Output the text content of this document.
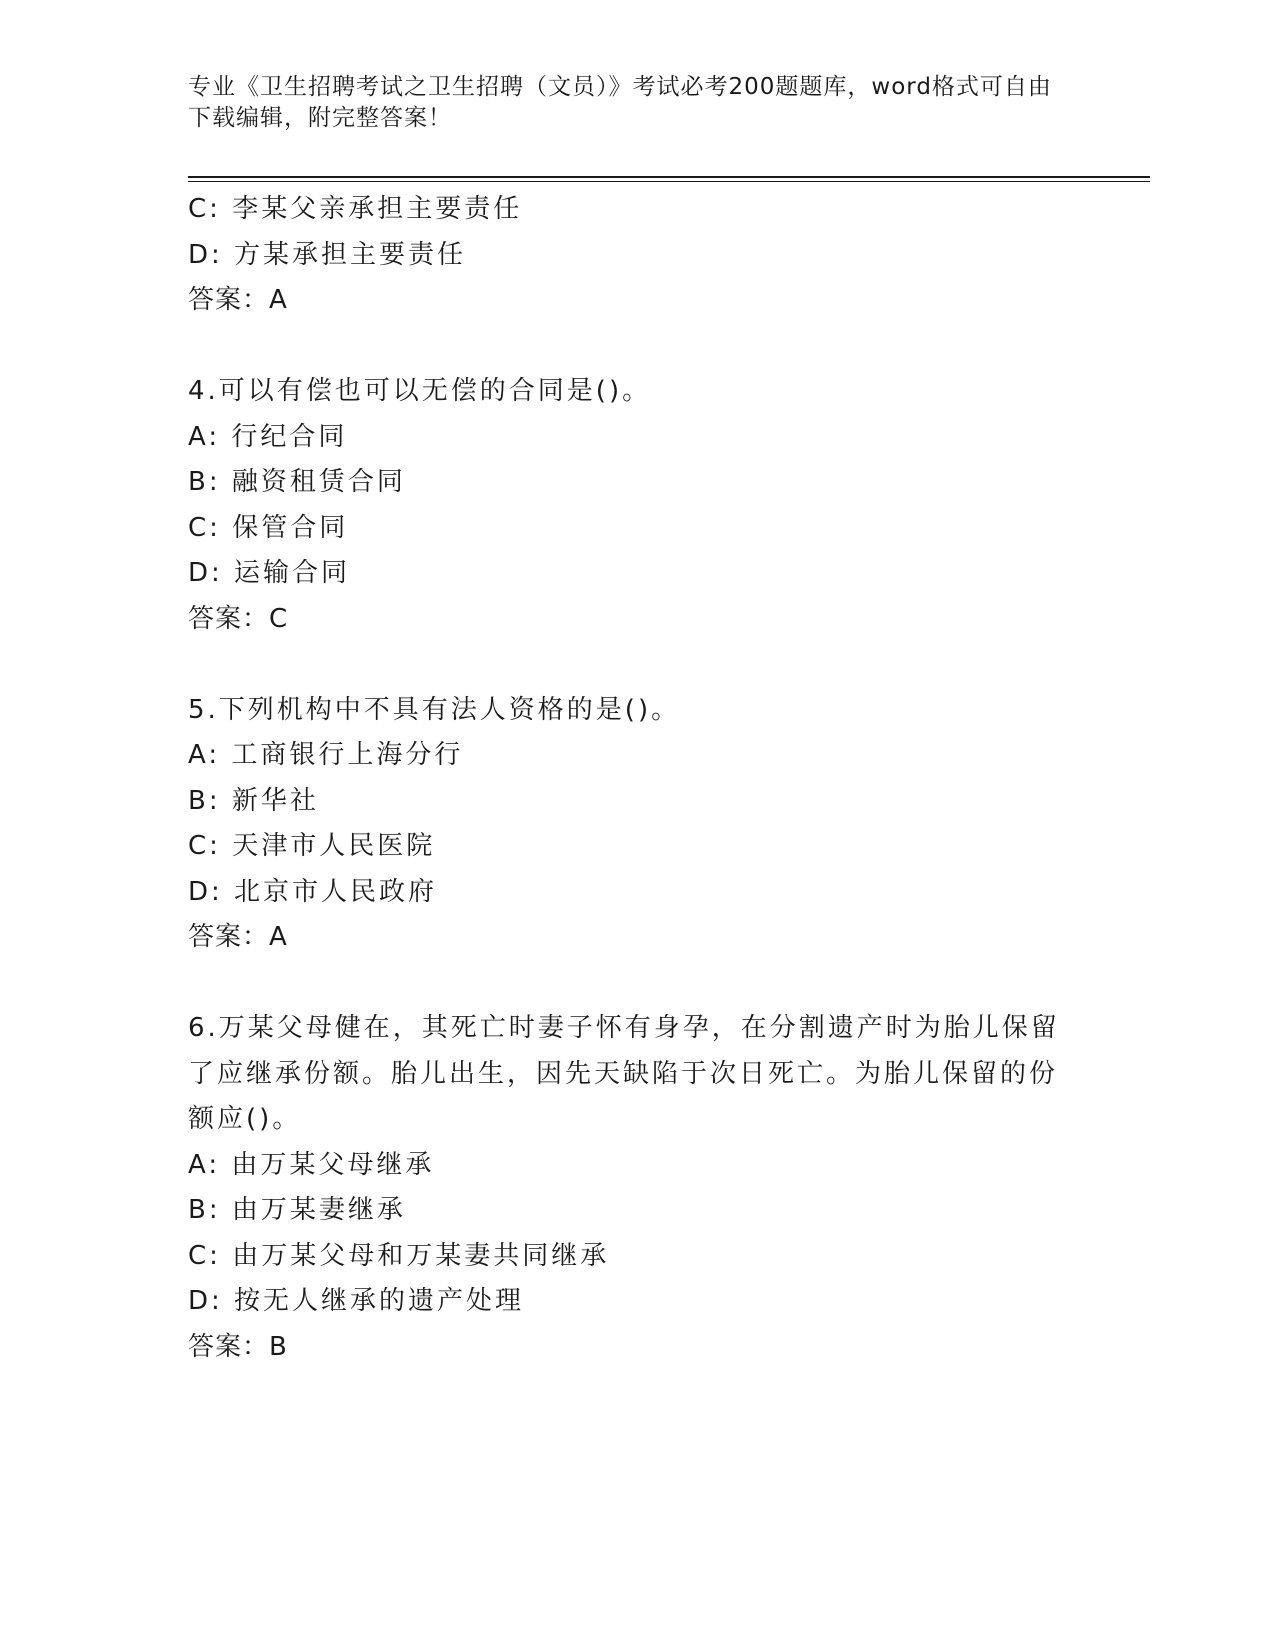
专业《卫生招聘考试之卫生招聘（文员）》考试必考200题题库，word格式可自由下载编辑，附完整答案！

C: 李某父亲承担主要责任

D: 方某承担主要责任

答案：A

4.可以有偿也可以无偿的合同是()。

A: 行纪合同

B: 融资租赁合同

C: 保管合同

D: 运输合同

答案：C

5.下列机构中不具有法人资格的是()。

A: 工商银行上海分行

B: 新华社

C: 天津市人民医院

D: 北京市人民政府

答案：A

6.万某父母健在，其死亡时妻子怀有身孕，在分割遗产时为胎儿保留了应继承份额。胎儿出生，因先天缺陷于次日死亡。为胎儿保留的份额应()。

A: 由万某父母继承

B: 由万某妻继承

C: 由万某父母和万某妻共同继承

D: 按无人继承的遗产处理

答案：B
